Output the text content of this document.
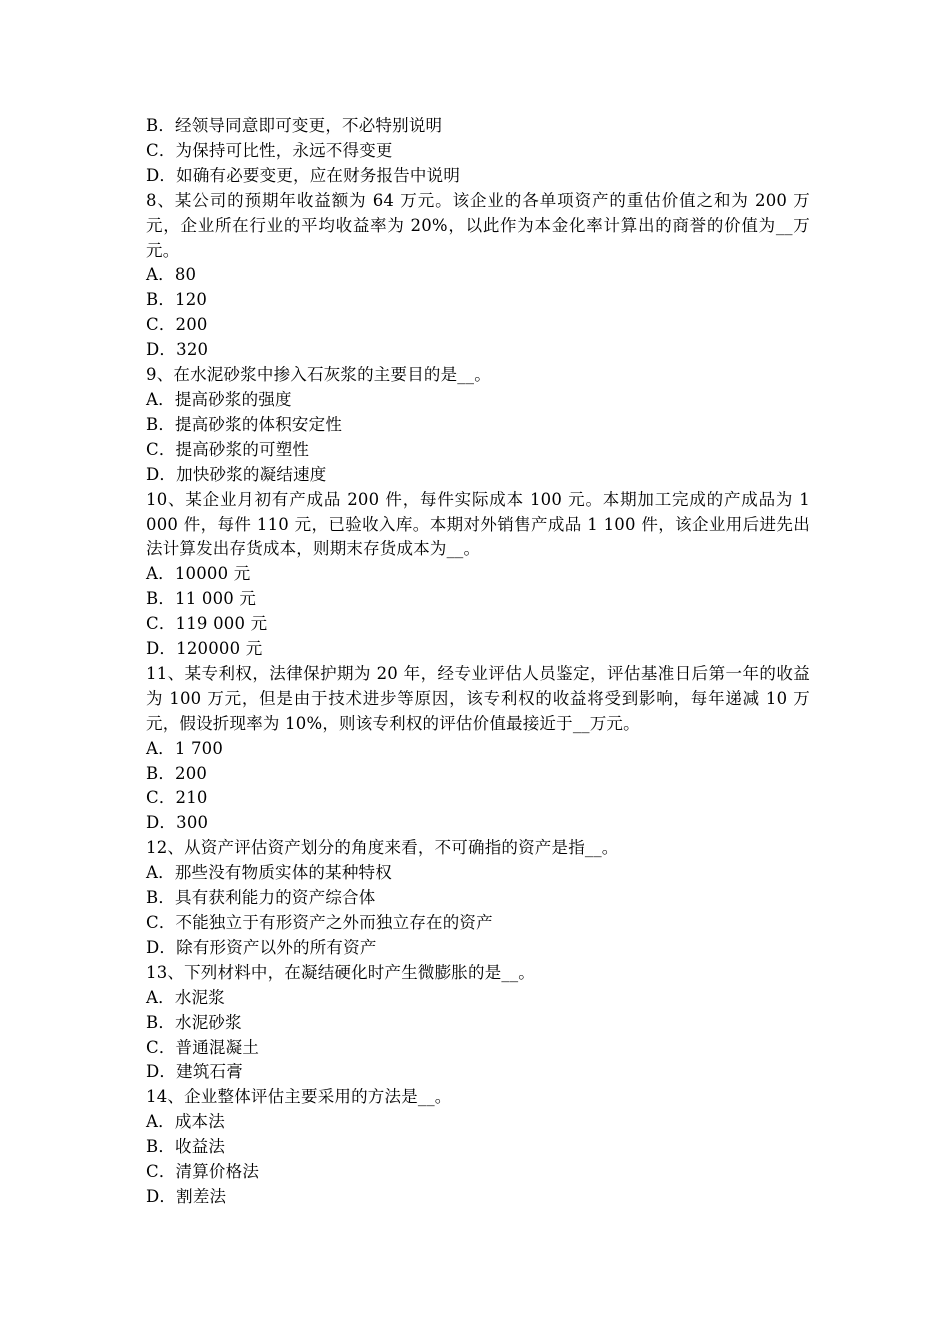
B．经领导同意即可变更，不必特别说明

C．为保持可比性，永远不得变更

D．如确有必要变更，应在财务报告中说明

8、某公司的预期年收益额为 64 万元。该企业的各单项资产的重估价值之和为 200 万元，企业所在行业的平均收益率为 20%，以此作为本金化率计算出的商誉的价值为__万元。

A．80

B．120

C．200

D．320

9、在水泥砂浆中掺入石灰浆的主要目的是__。

A．提高砂浆的强度

B．提高砂浆的体积安定性

C．提高砂浆的可塑性

D．加快砂浆的凝结速度

10、某企业月初有产成品 200 件，每件实际成本 100 元。本期加工完成的产成品为 1 000 件，每件 110 元，已验收入库。本期对外销售产成品 1 100 件，该企业用后进先出法计算发出存货成本，则期末存货成本为__。

A．10000 元

B．11 000 元

C．119 000 元

D．120000 元

11、某专利权，法律保护期为 20 年，经专业评估人员鉴定，评估基准日后第一年的收益为 100 万元，但是由于技术进步等原因，该专利权的收益将受到影响，每年递减 10 万元，假设折现率为 10%，则该专利权的评估价值最接近于__万元。

A．1 700

B．200

C．210

D．300

12、从资产评估资产划分的角度来看，不可确指的资产是指__。

A．那些没有物质实体的某种特权

B．具有获利能力的资产综合体

C．不能独立于有形资产之外而独立存在的资产

D．除有形资产以外的所有资产

13、下列材料中，在凝结硬化时产生微膨胀的是__。

A．水泥浆

B．水泥砂浆

C．普通混凝土

D．建筑石膏

14、企业整体评估主要采用的方法是__。

A．成本法

B．收益法

C．清算价格法

D．割差法
